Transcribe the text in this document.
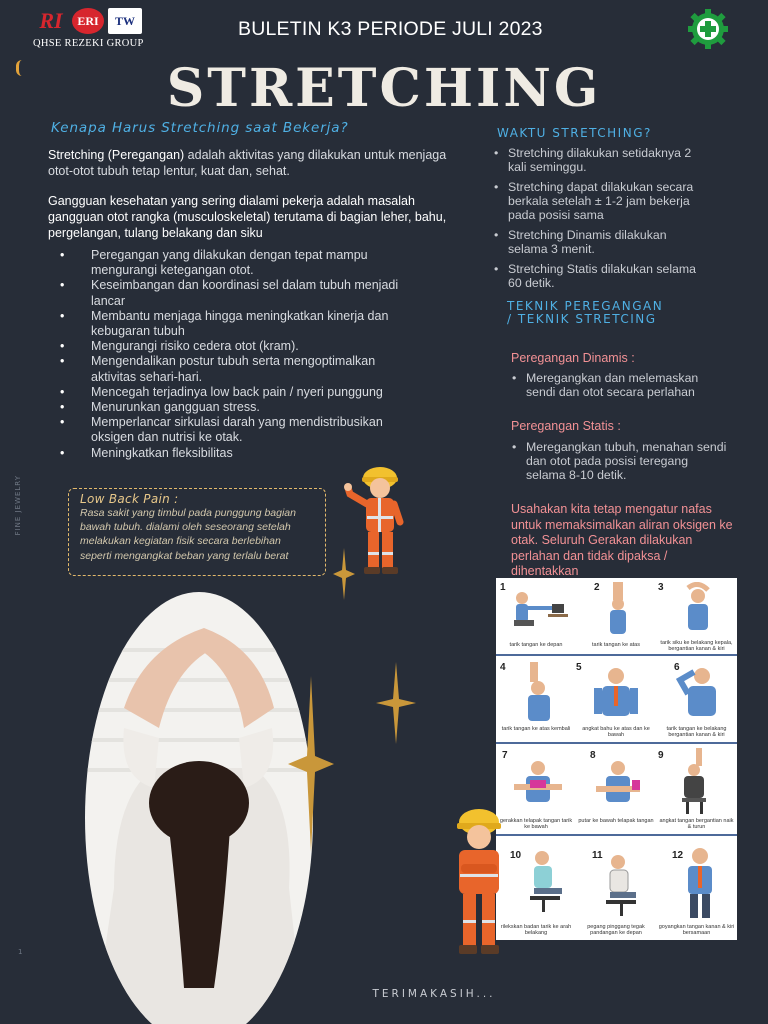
RI	ERI	TW
QHSE REZEKI GROUP
BULETIN K3 PERIODE JULI 2023
STRETCHING
Kenapa Harus Stretching saat Bekerja?
Stretching (Peregangan) adalah aktivitas yang dilakukan untuk menjaga otot-otot tubuh tetap lentur, kuat dan, sehat.
Gangguan kesehatan yang sering dialami pekerja adalah masalah gangguan otot rangka (musculoskeletal) terutama di bagian leher, bahu, pergelangan, tulang belakang dan siku
• Peregangan yang dilakukan dengan tepat mampu mengurangi ketegangan otot.
• Keseimbangan dan koordinasi sel dalam tubuh menjadi lancar
• Membantu menjaga hingga meningkatkan kinerja dan kebugaran tubuh
• Mengurangi risiko cedera otot (kram).
• Mengendalikan postur tubuh serta mengoptimalkan aktivitas sehari-hari.
• Mencegah terjadinya low back pain / nyeri punggung
• Menurunkan gangguan stress.
• Memperlancar sirkulasi darah yang mendistribusikan oksigen dan nutrisi ke otak.
• Meningkatkan fleksibilitas
Low Back Pain :
Rasa sakit yang timbul pada punggung bagian bawah tubuh. dialami oleh seseorang setelah melakukan kegiatan fisik secara berlebihan seperti mengangkat beban yang terlalu berat
FINE JEWELRY
1
WAKTU STRETCHING?
• Stretching dilakukan setidaknya 2 kali seminggu.
• Stretching dapat dilakukan secara berkala setelah ± 1-2 jam bekerja pada posisi sama
• Stretching Dinamis dilakukan selama 3 menit.
• Stretching Statis dilakukan selama 60 detik.
TEKNIK PEREGANGAN / TEKNIK STRETCING
Peregangan Dinamis :
• Meregangkan dan melemaskan sendi dan otot secara perlahan
Peregangan Statis :
• Meregangkan tubuh, menahan sendi dan otot pada posisi teregang selama 8-10 detik.
Usahakan kita tetap mengatur nafas untuk memaksimalkan aliran oksigen ke otak. Seluruh Gerakan dilakukan perlahan dan tidak dipaksa / dihentakkan
1
tarik tangan ke depan
2
tarik tangan ke atas
3
tarik siku ke belakang kepala, bergantian kanan & kiri
4
tarik tangan ke atas kembali
5
angkat bahu ke atas dan ke bawah
6
tarik tangan ke belakang bergantian kanan & kiri
7
gerakkan telapak tangan tarik ke bawah
8
putar ke bawah telapak tangan
9
angkat tangan bergantian naik & turun
10
rilekskan badan tarik ke arah belakang
11
pegang pinggang tegak pandangan ke depan
12
goyangkan tangan kanan & kiri bersamaan
TERIMAKASIH...
